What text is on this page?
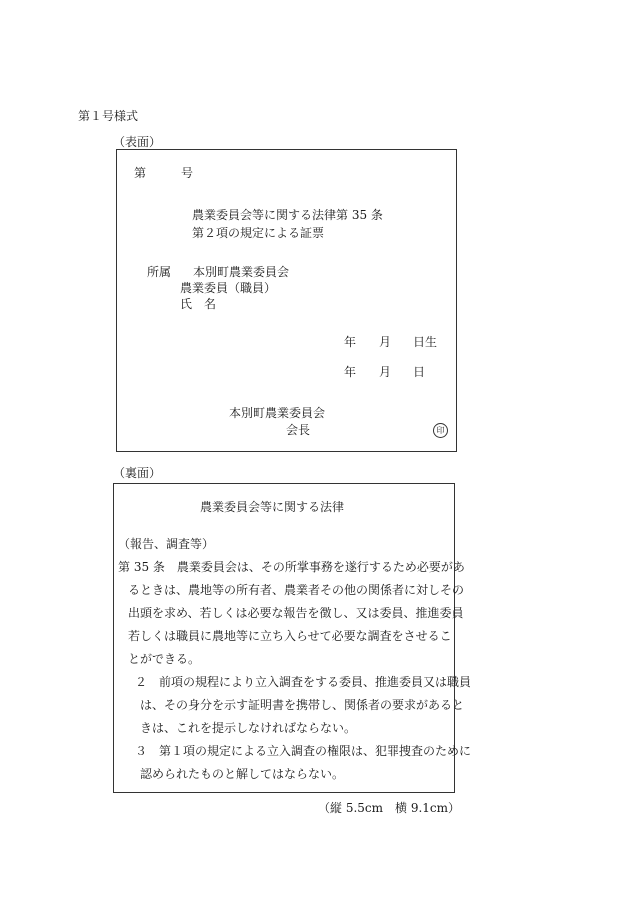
第１号様式
（表面）
第	号
農業委員会等に関する法律第 35 条
第２項の規定による証票
所属 本別町農業委員会
農業委員（職員）
氏　名
年 月 日生
年 月 日
本別町農業委員会
会長	印
（裏面）
農業委員会等に関する法律
（報告、調査等）
第 35 条　農業委員会は、その所掌事務を遂行するため必要があ
るときは、農地等の所有者、農業者その他の関係者に対しその
出頭を求め、若しくは必要な報告を徴し、又は委員、推進委員
若しくは職員に農地等に立ち入らせて必要な調査をさせるこ
とができる。
２　前項の規程により立入調査をする委員、推進委員又は職員
は、その身分を示す証明書を携帯し、関係者の要求があると
きは、これを提示しなければならない。
３　第１項の規定による立入調査の権限は、犯罪捜査のために
認められたものと解してはならない。
（縦 5.5cm　横 9.1cm）
